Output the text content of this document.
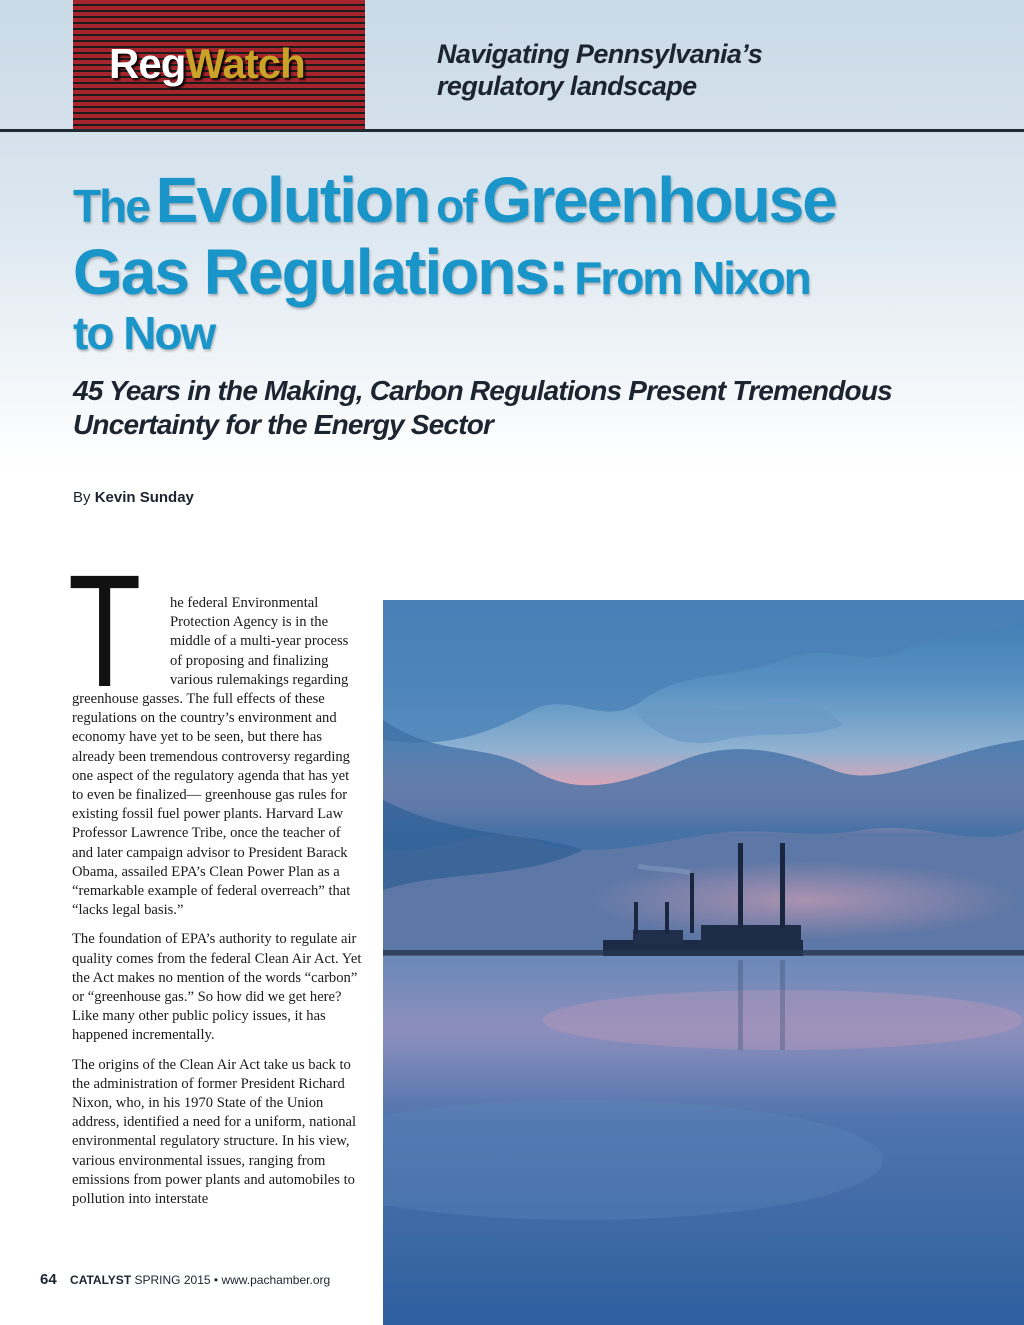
RegWatch	Navigating Pennsylvania’s
regulatory landscape
The Evolution of Greenhouse
Gas Regulations: From Nixon
to Now
45 Years in the Making, Carbon Regulations Present Tremendous Uncertainty for the Energy Sector
By Kevin Sunday

T he federal Environmental Protection Agency is in the middle of a multi-year process of proposing and finalizing various rulemakings regarding greenhouse gasses. The full effects of these regulations on the country’s environment and economy have yet to be seen, but there has already been tremendous controversy regarding one aspect of the regulatory agenda that has yet to even be finalized— greenhouse gas rules for existing fossil fuel power plants. Harvard Law Professor Lawrence Tribe, once the teacher of and later campaign advisor to President Barack Obama, assailed EPA’s Clean Power Plan as a “remarkable example of federal overreach” that “lacks legal basis.”

The foundation of EPA’s authority to regulate air quality comes from the federal Clean Air Act. Yet the Act makes no mention of the words “carbon” or “greenhouse gas.” So how did we get here? Like many other public policy issues, it has happened incrementally.

The origins of the Clean Air Act take us back to the administration of former President Richard Nixon, who, in his 1970 State of the Union address, identified a need for a uniform, national environmental regulatory structure. In his view, various environmental issues, ranging from emissions from power plants and automobiles to pollution into interstate

64 CATALYST SPRING 2015 • www.pachamber.org
